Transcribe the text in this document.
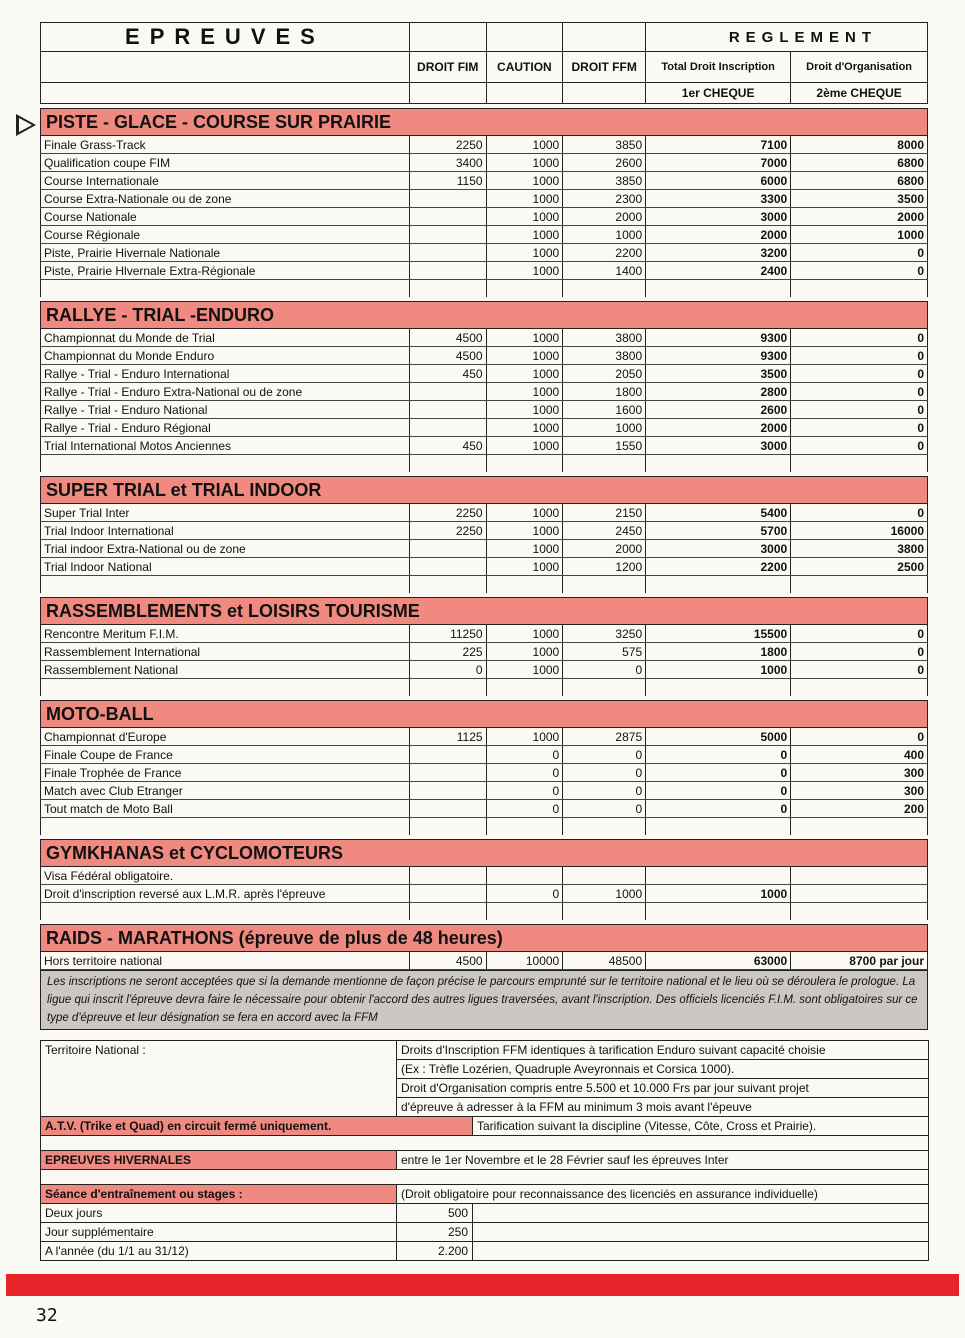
EPREUVES				REGLEMENT	
	DROIT FIM	CAUTION	DROIT FFM	Total Droit Inscription	Droit d'Organisation
				1er CHEQUE	2ème CHEQUE
PISTE - GLACE - COURSE SUR PRAIRIE
Finale Grass-Track	2250	1000	3850	7100	8000
Qualification coupe FIM	3400	1000	2600	7000	6800
Course Internationale	1150	1000	3850	6000	6800
Course Extra-Nationale ou de zone		1000	2300	3300	3500
Course Nationale		1000	2000	3000	2000
Course Régionale		1000	1000	2000	1000
Piste, Prairie Hivernale Nationale		1000	2200	3200	0
Piste, Prairie Hlvernale Extra-Régionale		1000	1400	2400	0

RALLYE - TRIAL -ENDURO
Championnat du Monde de Trial	4500	1000	3800	9300	0
Championnat du Monde Enduro	4500	1000	3800	9300	0
Rallye - Trial - Enduro International	450	1000	2050	3500	0
Rallye - Trial - Enduro Extra-National ou de zone		1000	1800	2800	0
Rallye - Trial - Enduro National		1000	1600	2600	0
Rallye - Trial - Enduro Régional		1000	1000	2000	0
Trial International Motos Anciennes	450	1000	1550	3000	0

SUPER TRIAL et TRIAL INDOOR
Super Trial Inter	2250	1000	2150	5400	0
Trial Indoor International	2250	1000	2450	5700	16000
Trial indoor Extra-National ou de zone		1000	2000	3000	3800
Trial Indoor National		1000	1200	2200	2500

RASSEMBLEMENTS et LOISIRS TOURISME
Rencontre Meritum F.I.M.	11250	1000	3250	15500	0
Rassemblement International	225	1000	575	1800	0
Rassemblement National	0	1000	0	1000	0

MOTO-BALL
Championnat d'Europe	1125	1000	2875	5000	0
Finale Coupe de France		0	0	0	400
Finale Trophée de France		0	0	0	300
Match avec Club Etranger		0	0	0	300
Tout match de Moto Ball		0	0	0	200

GYMKHANAS et CYCLOMOTEURS
Visa Fédéral obligatoire.					
Droit d'inscription reversé aux L.M.R. après l'épreuve		0	1000	1000	

RAIDS - MARATHONS (épreuve de plus de 48 heures)
Hors territoire national	4500	10000	48500	63000	8700 par jour
Les inscriptions ne seront acceptées que si la demande mentionne de façon précise le parcours emprunté sur le territoire national et le lieu où se déroulera le prologue. La ligue qui inscrit l'épreuve devra faire le nécessaire pour obtenir l'accord des autres ligues traversées, avant l'inscription. Des officiels licenciés F.I.M. sont obligatoires sur ce type d'épreuve et leur désignation se fera en accord avec la FFM
Territoire National :	Droits d'Inscription FFM identiques à tarification Enduro suivant capacité choisie	
	(Ex : Trèfle Lozérien, Quadruple Aveyronnais et Corsica 1000).	
	Droit d'Organisation compris entre 5.500 et 10.000 Frs par jour suivant projet	
	d'épreuve à adresser à la FFM au minimum 3 mois avant l'épeuve	
A.T.V. (Trike et Quad) en circuit fermé uniquement.		Tarification suivant la discipline (Vitesse, Côte, Cross et Prairie).

EPREUVES HIVERNALES	entre le 1er Novembre et le 28 Février sauf les épreuves Inter	

Séance d'entraînement ou stages :	(Droit obligatoire pour reconnaissance des licenciés en assurance individuelle)	
Deux jours	500	
Jour supplémentaire	250	
A l'année (du 1/1 au 31/12)	2.200	
32
